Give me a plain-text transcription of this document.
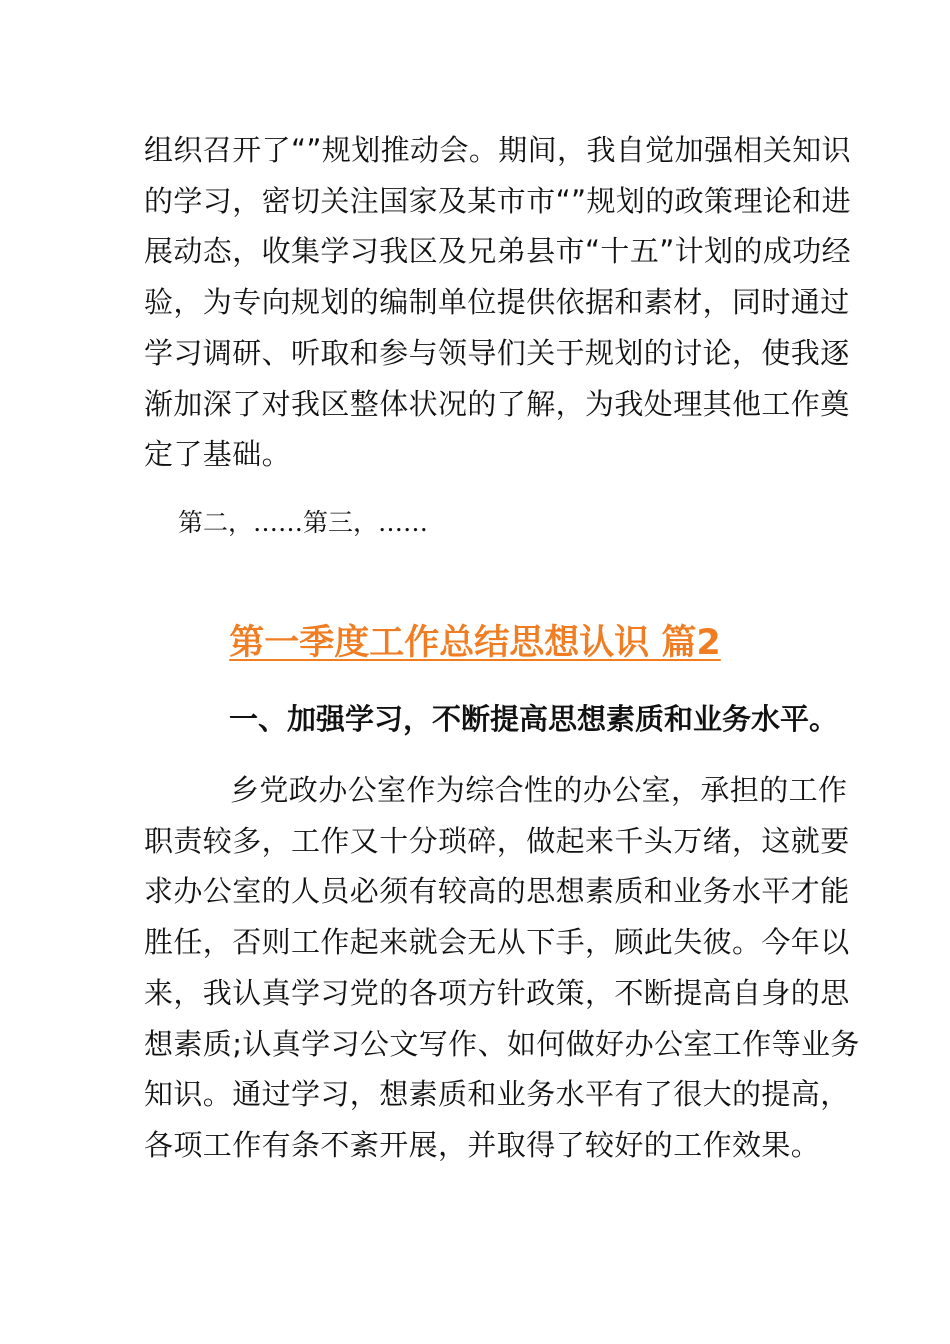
组织召开了“”规划推动会。期间，我自觉加强相关知识
的学习，密切关注国家及某市市“”规划的政策理论和进
展动态，收集学习我区及兄弟县市“十五”计划的成功经
验，为专向规划的编制单位提供依据和素材，同时通过
学习调研、听取和参与领导们关于规划的讨论，使我逐
渐加深了对我区整体状况的了解，为我处理其他工作奠
定了基础。
第二，……第三，……
第一季度工作总结思想认识 篇2
一、加强学习，不断提高思想素质和业务水平。
乡党政办公室作为综合性的办公室，承担的工作
职责较多，工作又十分琐碎，做起来千头万绪，这就要
求办公室的人员必须有较高的思想素质和业务水平才能
胜任，否则工作起来就会无从下手，顾此失彼。今年以
来，我认真学习党的各项方针政策，不断提高自身的思
想素质;认真学习公文写作、如何做好办公室工作等业务
知识。通过学习，想素质和业务水平有了很大的提高，
各项工作有条不紊开展，并取得了较好的工作效果。
